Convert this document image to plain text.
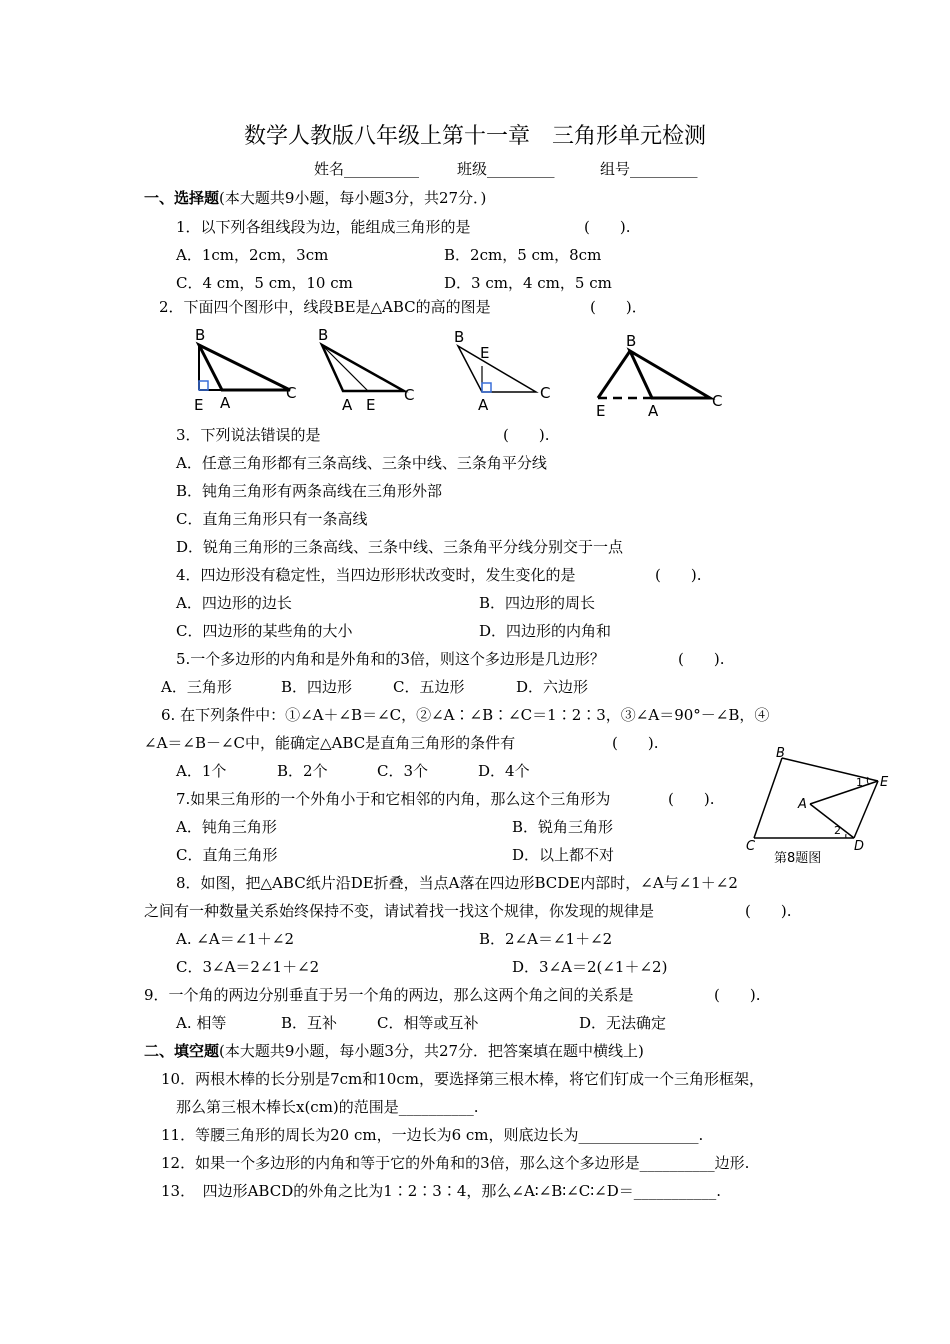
数学人教版八年级上第十一章　三角形单元检测
姓名__________	班级_________	组号_________
一、选择题(本大题共9小题，每小题3分，共27分．)
1．以下列各组线段为边，能组成三角形的是	(　　).
A．1cm，2cm，3cm	B．2cm，5 cm，8cm
C．4 cm，5 cm，10 cm	D．3 cm，4 cm，5 cm
2．下面四个图形中，线段BE是△ABC的高的图是	(　　)．
B
E A
C
B
A E
C
B
E
A
C
B
E	A
C
3．下列说法错误的是	(　　).
A．任意三角形都有三条高线、三条中线、三条角平分线
B．钝角三角形有两条高线在三角形外部
C．直角三角形只有一条高线
D．锐角三角形的三条高线、三条中线、三条角平分线分别交于一点
4．四边形没有稳定性，当四边形形状改变时，发生变化的是	(　　).
A．四边形的边长	B．四边形的周长
C．四边形的某些角的大小	D．四边形的内角和
5.一个多边形的内角和是外角和的3倍，则这个多边形是几边形？	(　　).
A．三角形	B．四边形	C．五边形	D．六边形
6. 在下列条件中：①∠A＋∠B＝∠C，②∠A∶∠B∶∠C＝1∶2∶3，③∠A＝90°－∠B，④
∠A＝∠B－∠C中，能确定△ABC是直角三角形的条件有	(　　).
A．1个	B．2个	C．3个	D．4个
B
E
A
C	D
1
2
第8题图
7.如果三角形的一个外角小于和它相邻的内角，那么这个三角形为	(　　).
A．钝角三角形	B．锐角三角形
C．直角三角形	D．以上都不对
8．如图，把△ABC纸片沿DE折叠，当点A落在四边形BCDE内部时，∠A与∠1＋∠2
之间有一种数量关系始终保持不变，请试着找一找这个规律，你发现的规律是	(　　).
A. ∠A＝∠1＋∠2	B．2∠A＝∠1＋∠2
C．3∠A＝2∠1＋∠2	D．3∠A＝2(∠1＋∠2)
9．一个角的两边分别垂直于另一个角的两边，那么这两个角之间的关系是	(　　).
A. 相等	B．互补	C．相等或互补	D．无法确定
二、填空题(本大题共9小题，每小题3分，共27分．把答案填在题中横线上)
10．两根木棒的长分别是7cm和10cm，要选择第三根木棒，将它们钉成一个三角形框架，
那么第三根木棒长x(cm)的范围是__________.
11．等腰三角形的周长为20 cm，一边长为6 cm，则底边长为________________.
12．如果一个多边形的内角和等于它的外角和的3倍，那么这个多边形是__________边形.
13．　四边形ABCD的外角之比为1∶2∶3∶4，那么∠A∶∠B∶∠C∶∠D＝___________.
